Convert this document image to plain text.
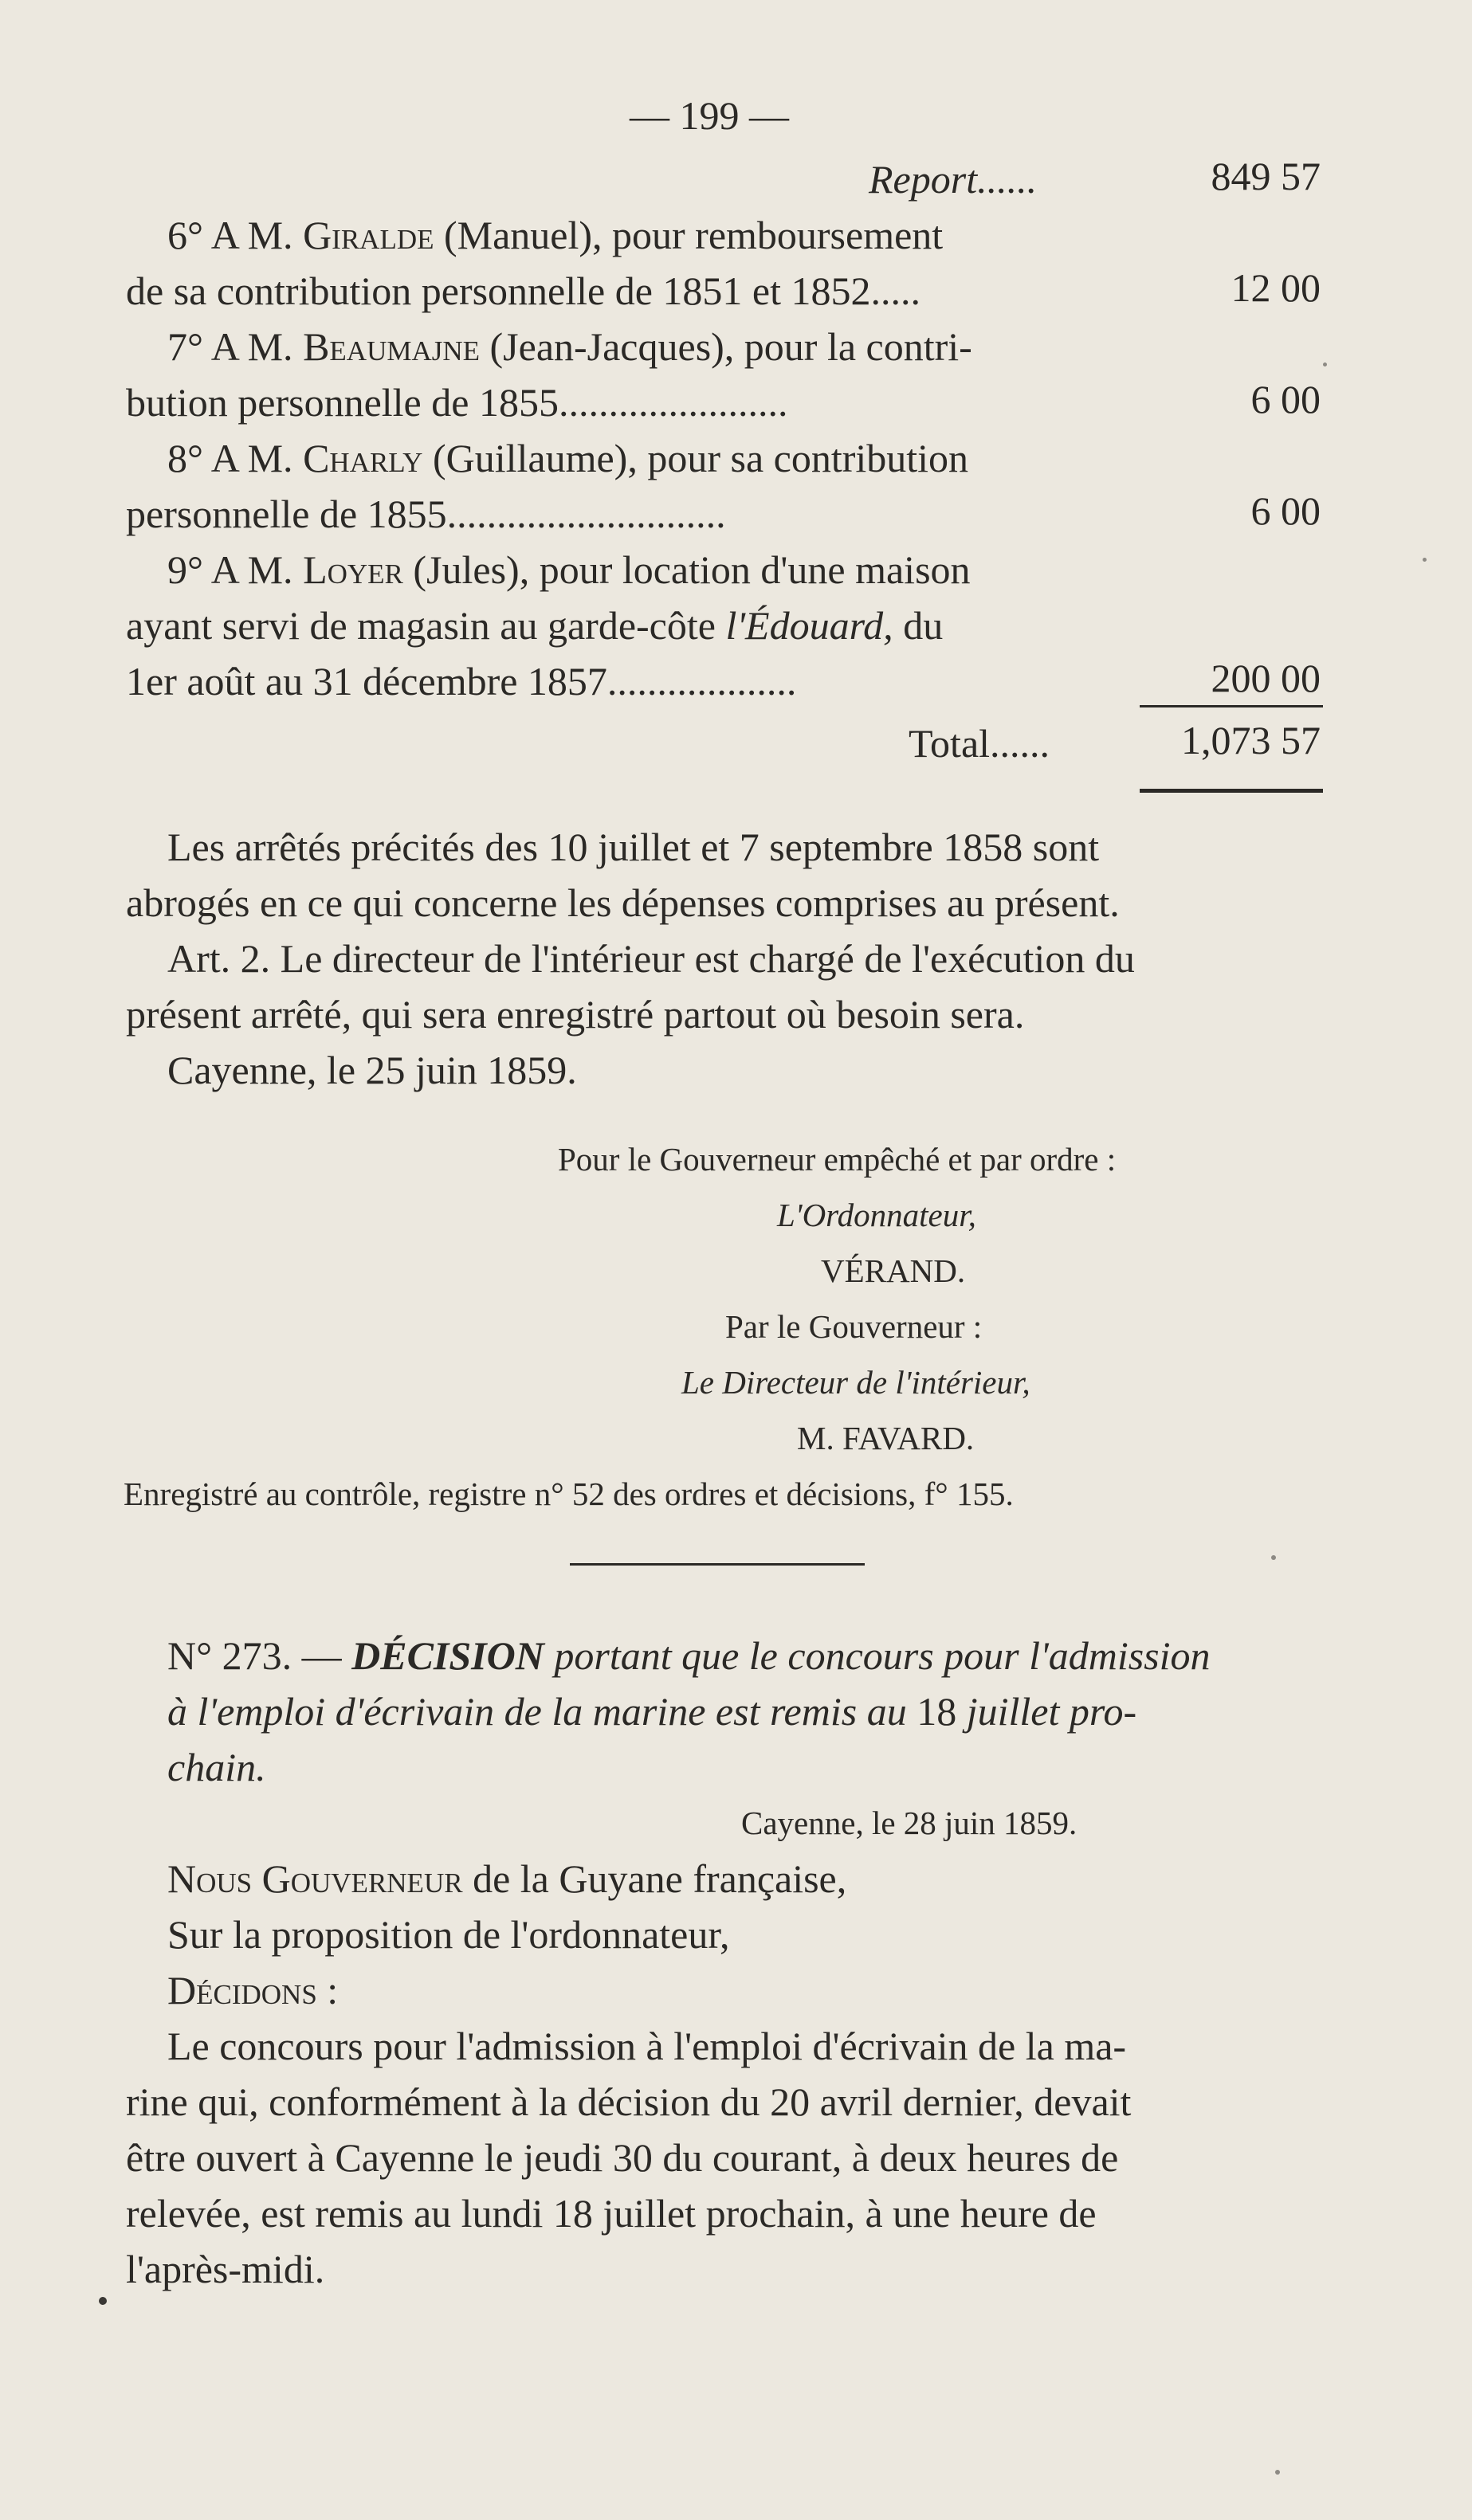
— 199 —
Report......	849 57
6° A M. Giralde (Manuel), pour remboursement
de sa contribution personnelle de 1851 et 1852.....	12 00
7° A M. Beaumajne (Jean-Jacques), pour la contri-
bution personnelle de 1855.......................	6 00
8° A M. Charly (Guillaume), pour sa contribution
personnelle de 1855............................	6 00
9° A M. Loyer (Jules), pour location d'une maison
ayant servi de magasin au garde-côte l'Édouard, du
1er août au 31 décembre 1857...................	200 00
Total......	1,073 57
Les arrêtés précités des 10 juillet et 7 septembre 1858 sont
abrogés en ce qui concerne les dépenses comprises au présent.
Art. 2. Le directeur de l'intérieur est chargé de l'exécution du
présent arrêté, qui sera enregistré partout où besoin sera.
Cayenne, le 25 juin 1859.
Pour le Gouverneur empêché et par ordre :
L'Ordonnateur,
VÉRAND.
Par le Gouverneur :
Le Directeur de l'intérieur,
M. FAVARD.
Enregistré au contrôle, registre n° 52 des ordres et décisions, f° 155.
N° 273. — DÉCISION portant que le concours pour l'admission
à l'emploi d'écrivain de la marine est remis au 18 juillet pro-
chain.
Cayenne, le 28 juin 1859.
Nous Gouverneur de la Guyane française,
Sur la proposition de l'ordonnateur,
Décidons :
Le concours pour l'admission à l'emploi d'écrivain de la ma-
rine qui, conformément à la décision du 20 avril dernier, devait
être ouvert à Cayenne le jeudi 30 du courant, à deux heures de
relevée, est remis au lundi 18 juillet prochain, à une heure de
l'après-midi.
